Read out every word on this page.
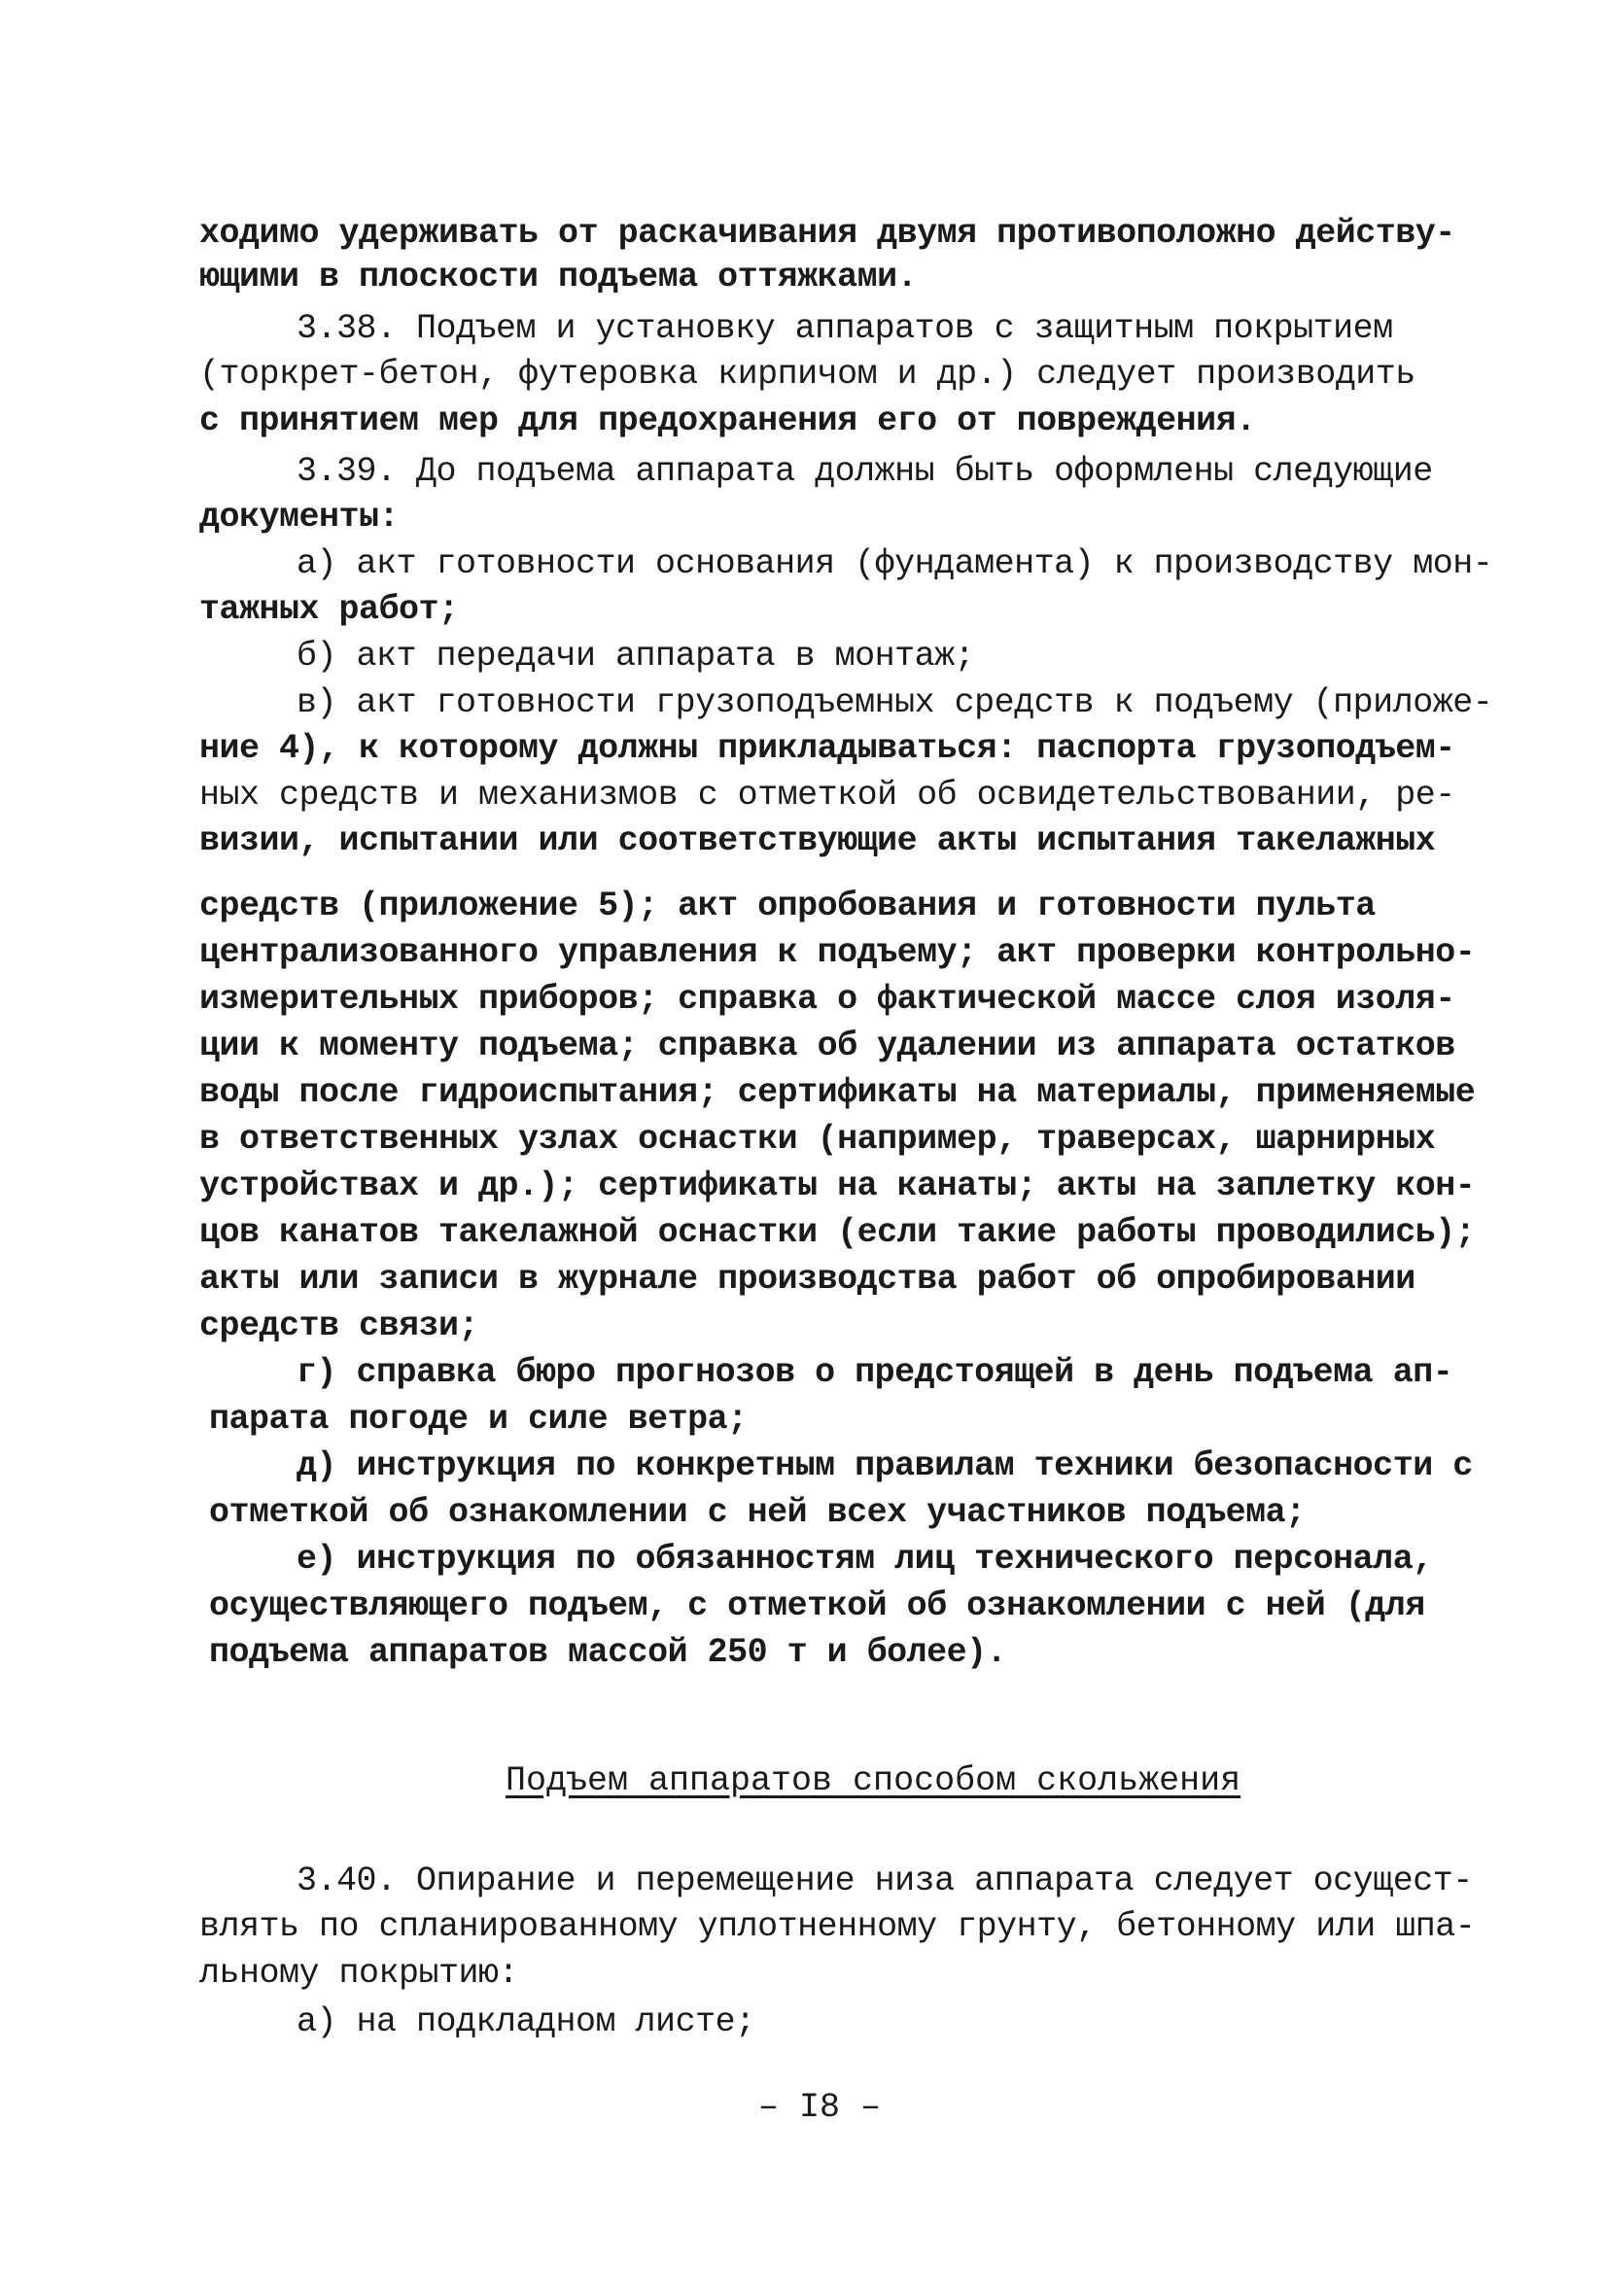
ходимо удерживать от раскачивания двумя противоположно действу-
ющими в плоскости подъема оттяжками.
3.38. Подъем и установку аппаратов с защитным покрытием
(торкрет-бетон, футеровка кирпичом и др.) следует производить
с принятием мер для предохранения его от повреждения.
3.39. До подъема аппарата должны быть оформлены следующие
документы:
а) акт готовности основания (фундамента) к производству мон-
тажных работ;
б) акт передачи аппарата в монтаж;
в) акт готовности грузоподъемных средств к подъему (приложе-
ние 4), к которому должны прикладываться: паспорта грузоподъем-
ных средств и механизмов с отметкой об освидетельствовании, ре-
визии, испытании или соответствующие акты испытания такелажных
средств (приложение 5); акт опробования и готовности пульта
централизованного управления к подъему; акт проверки контрольно-
измерительных приборов; справка о фактической массе слоя изоля-
ции к моменту подъема; справка об удалении из аппарата остатков
воды после гидроиспытания; сертификаты на материалы, применяемые
в ответственных узлах оснастки (например, траверсах, шарнирных
устройствах и др.); сертификаты на канаты; акты на заплетку кон-
цов канатов такелажной оснастки (если такие работы проводились);
акты или записи в журнале производства работ об опробировании
средств связи;
г) справка бюро прогнозов о предстоящей в день подъема ап-
парата погоде и силе ветра;
д) инструкция по конкретным правилам техники безопасности с
отметкой об ознакомлении с ней всех участников подъема;
е) инструкция по обязанностям лиц технического персонала,
осуществляющего подъем, с отметкой об ознакомлении с ней (для
подъема аппаратов массой 250 т и более).
Подъем аппаратов способом скольжения
3.40. Опирание и перемещение низа аппарата следует осущест-
влять по спланированному уплотненному грунту, бетонному или шпа-
льному покрытию:
а) на подкладном листе;
– I8 –
